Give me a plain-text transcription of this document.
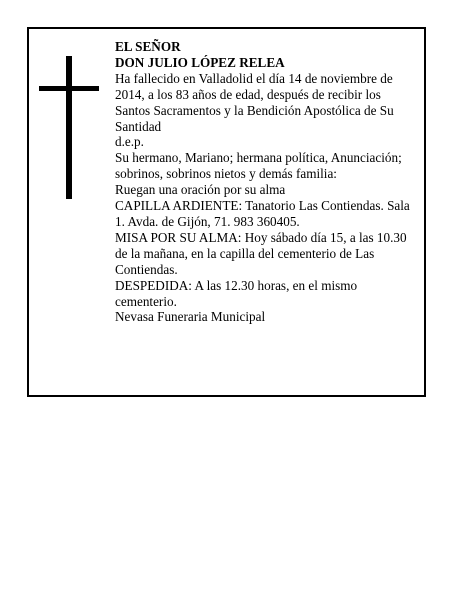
EL SEÑOR
DON JULIO LÓPEZ RELEA
Ha fallecido en Valladolid el día 14 de noviembre de 2014, a los 83 años de edad, después de recibir los Santos Sacramentos y la Bendición Apostólica de Su Santidad
d.e.p.
Su hermano, Mariano; hermana política, Anunciación; sobrinos, sobrinos nietos y demás familia:
Ruegan una oración por su alma
CAPILLA ARDIENTE: Tanatorio Las Contiendas. Sala 1. Avda. de Gijón, 71. 983 360405.
MISA POR SU ALMA: Hoy sábado día 15, a las 10.30 de la mañana, en la capilla del cementerio de Las Contiendas.
DESPEDIDA: A las 12.30 horas, en el mismo cementerio.
Nevasa Funeraria Municipal
